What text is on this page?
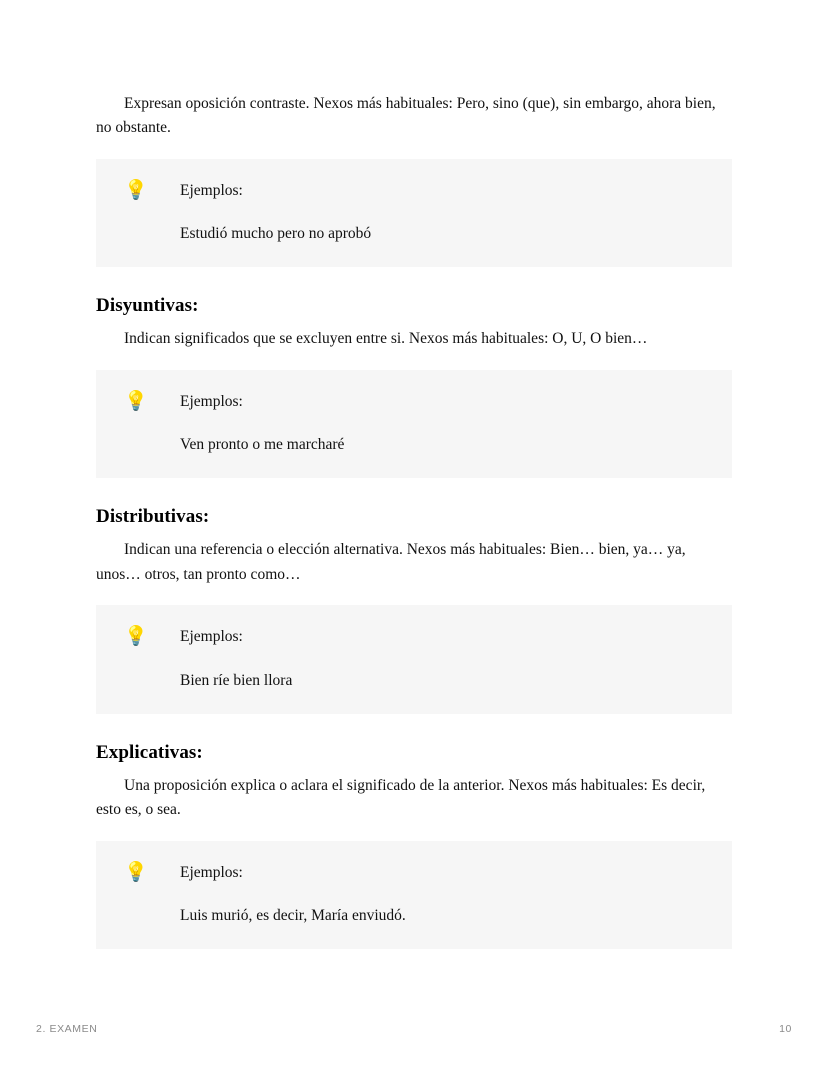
Expresan oposición contraste. Nexos más habituales: Pero, sino (que), sin embargo, ahora bien, no obstante.

💡	Ejemplos:

Estudió mucho pero no aprobó

Disyuntivas:

Indican significados que se excluyen entre si. Nexos más habituales: O, U, O bien…

💡	Ejemplos:

Ven pronto o me marcharé

Distributivas:

Indican una referencia o elección alternativa. Nexos más habituales: Bien… bien, ya… ya, unos… otros, tan pronto como…

💡	Ejemplos:

Bien ríe bien llora

Explicativas:

Una proposición explica o aclara el significado de la anterior. Nexos más habituales: Es decir, esto es, o sea.

💡	Ejemplos:

Luis murió, es decir, María enviudó.

2. EXAMEN	10
